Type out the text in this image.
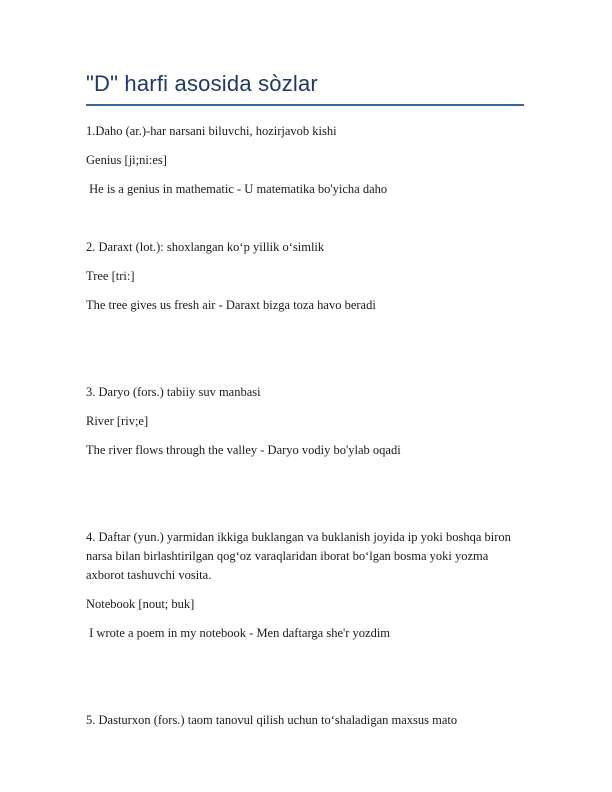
"D" harfi asosida sòzlar

1.Daho (ar.)-har narsani biluvchi, hozirjavob kishi

Genius [ji;ni:es]

He is a genius in mathematic - U matematika bo'yicha daho

2. Daraxt (lot.): shoxlangan ko‘p yillik o‘simlik

Tree [tri:]

The tree gives us fresh air - Daraxt bizga toza havo beradi

3. Daryo (fors.) tabiiy suv manbasi

River [riv;e]

The river flows through the valley - Daryo vodiy bo'ylab oqadi

4. Daftar (yun.) yarmidan ikkiga buklangan va buklanish joyida ip yoki boshqa biron narsa bilan birlashtirilgan qog‘oz varaqlaridan iborat bo‘lgan bosma yoki yozma axborot tashuvchi vosita.

Notebook [nout; buk]

I wrote a poem in my notebook - Men daftarga she'r yozdim

5. Dasturxon (fors.) taom tanovul qilish uchun to‘shaladigan maxsus mato
